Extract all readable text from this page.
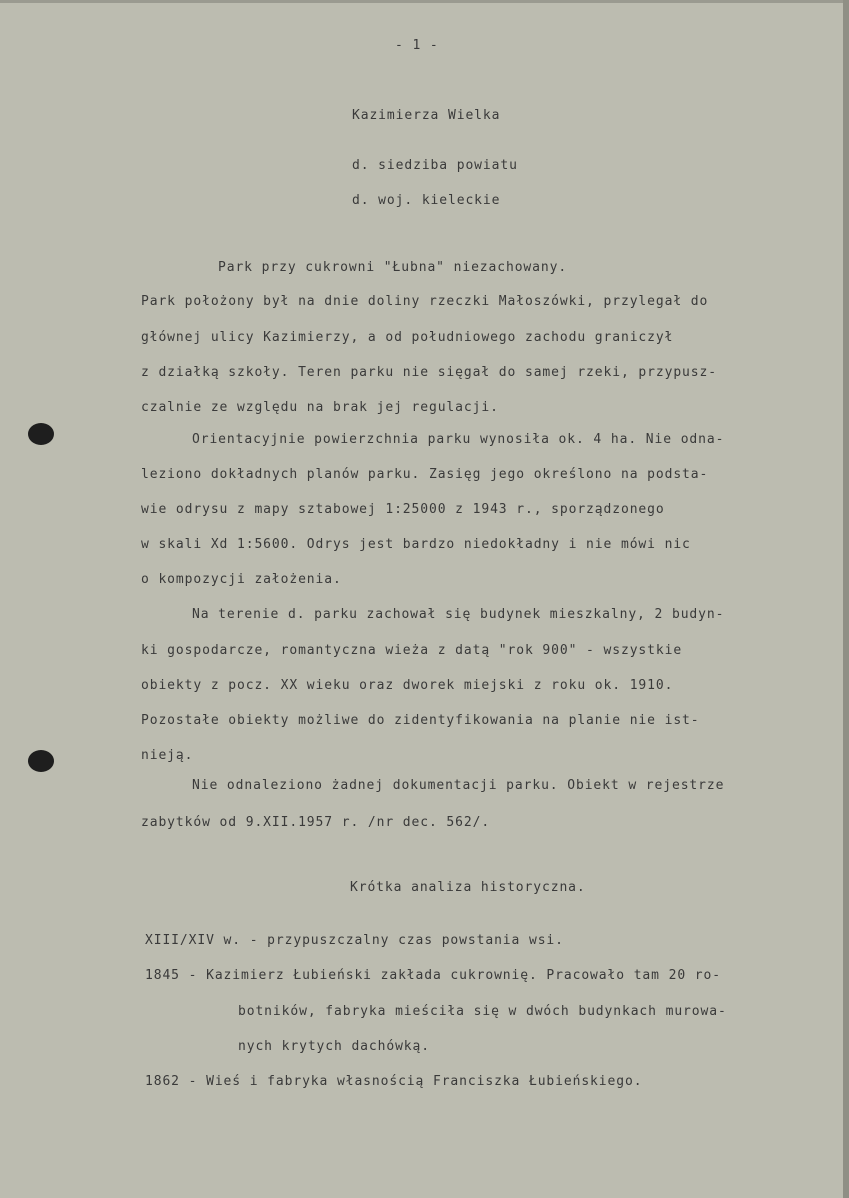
- 1 -
Kazimierza Wielka
d. siedziba powiatu
d. woj. kieleckie
Park przy cukrowni "Łubna" niezachowany.
Park położony był na dnie doliny rzeczki Małoszówki, przylegał do
głównej ulicy Kazimierzy, a od południowego zachodu graniczył
z działką szkoły. Teren parku nie sięgał do samej rzeki, przypusz-
czalnie ze względu na brak jej regulacji.
Orientacyjnie powierzchnia parku wynosiła ok. 4 ha. Nie odna-
leziono dokładnych planów parku. Zasięg jego określono na podsta-
wie odrysu z mapy sztabowej 1:25000 z 1943 r., sporządzonego
w skali Xd 1:5600. Odrys jest bardzo niedokładny i nie mówi nic
o kompozycji założenia.
Na terenie d. parku zachował się budynek mieszkalny, 2 budyn-
ki gospodarcze, romantyczna wieża z datą "rok 900" - wszystkie
obiekty z pocz. XX wieku oraz dworek miejski z roku ok. 1910.
Pozostałe obiekty możliwe do zidentyfikowania na planie nie ist-
nieją.
Nie odnaleziono żadnej dokumentacji parku. Obiekt w rejestrze
zabytków od 9.XII.1957 r. /nr dec. 562/.
Krótka analiza historyczna.
XIII/XIV w. - przypuszczalny czas powstania wsi.
1845 - Kazimierz Łubieński zakłada cukrownię. Pracowało tam 20 ro-
botników, fabryka mieściła się w dwóch budynkach murowa-
nych krytych dachówką.
1862 - Wieś i fabryka własnością Franciszka Łubieńskiego.
